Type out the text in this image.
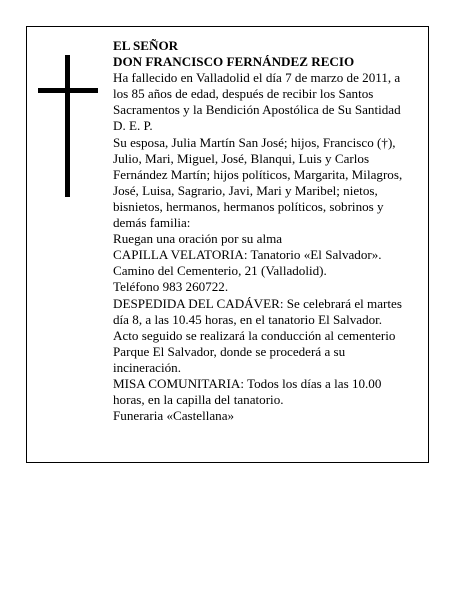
EL SEÑOR
DON FRANCISCO FERNÁNDEZ RECIO
Ha fallecido en Valladolid el día 7 de marzo de 2011, a
los 85 años de edad, después de recibir los Santos
Sacramentos y la Bendición Apostólica de Su Santidad
D. E. P.
Su esposa, Julia Martín San José; hijos, Francisco (†),
Julio, Mari, Miguel, José, Blanqui, Luis y Carlos
Fernández Martín; hijos políticos, Margarita, Milagros,
José, Luisa, Sagrario, Javi, Mari y Maribel; nietos,
bisnietos, hermanos, hermanos políticos, sobrinos y
demás familia:
Ruegan una oración por su alma
CAPILLA VELATORIA: Tanatorio «El Salvador».
Camino del Cementerio, 21 (Valladolid).
Teléfono 983 260722.
DESPEDIDA DEL CADÁVER: Se celebrará el martes
día 8, a las 10.45 horas, en el tanatorio El Salvador.
Acto seguido se realizará la conducción al cementerio
Parque El Salvador, donde se procederá a su
incineración.
MISA COMUNITARIA: Todos los días a las 10.00
horas, en la capilla del tanatorio.
Funeraria «Castellana»
